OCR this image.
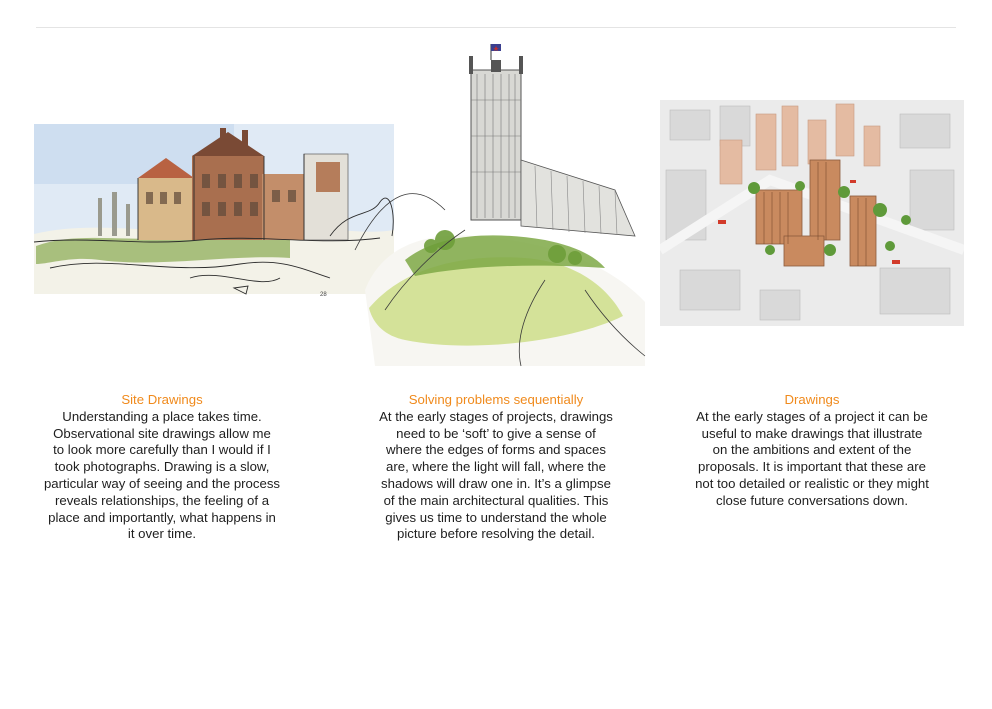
28
Site Drawings
Understanding a place takes time.
Observational site drawings allow me
to look more carefully than I would if I
took photographs. Drawing is a slow,
particular way of seeing and the process
reveals relationships, the feeling of a
place and importantly, what happens in
it over time.
Solving problems sequentially
At the early stages of projects, drawings
need to be ‘soft’ to give a sense of
where the edges of forms and spaces
are, where the light will fall, where the
shadows will draw one in. It’s a glimpse
of the main architectural qualities. This
gives us time to understand the whole
picture before resolving the detail.
Drawings
At the early stages of a project it can be
useful to make drawings that illustrate
on the ambitions and extent of the
proposals. It is important that these are
not too detailed or realistic or they might
close future conversations down.
